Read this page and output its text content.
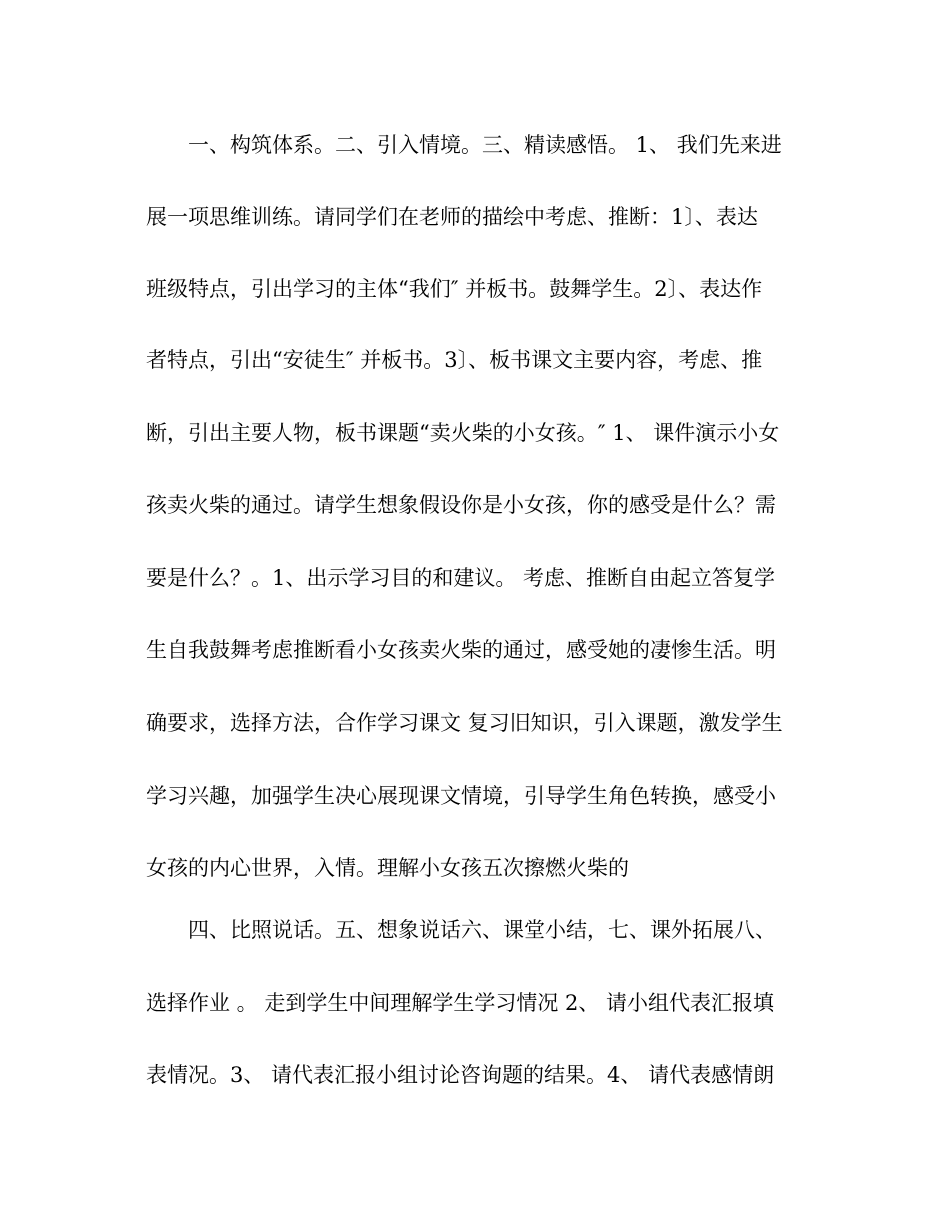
一、构筑体系。二、引入情境。三、精读感悟。 1、 我们先来进
展一项思维训练。请同学们在老师的描绘中考虑、推断：1〕、表达
班级特点，引出学习的主体“我们″ 并板书。鼓舞学生。2〕、表达作
者特点，引出“安徒生″ 并板书。3〕、板书课文主要内容，考虑、推
断，引出主要人物，板书课题“卖火柴的小女孩。″ 1、 课件演示小女
孩卖火柴的通过。请学生想象假设你是小女孩，你的感受是什么？需
要是什么？。1、出示学习目的和建议。 考虑、推断自由起立答复学
生自我鼓舞考虑推断看小女孩卖火柴的通过，感受她的凄惨生活。明
确要求，选择方法，合作学习课文 复习旧知识，引入课题，激发学生
学习兴趣，加强学生决心展现课文情境，引导学生角色转换，感受小
女孩的内心世界，入情。理解小女孩五次擦燃火柴的
四、比照说话。五、想象说话六、课堂小结，七、课外拓展八、
选择作业 。 走到学生中间理解学生学习情况 2、 请小组代表汇报填
表情况。3、 请代表汇报小组讨论咨询题的结果。4、 请代表感情朗
